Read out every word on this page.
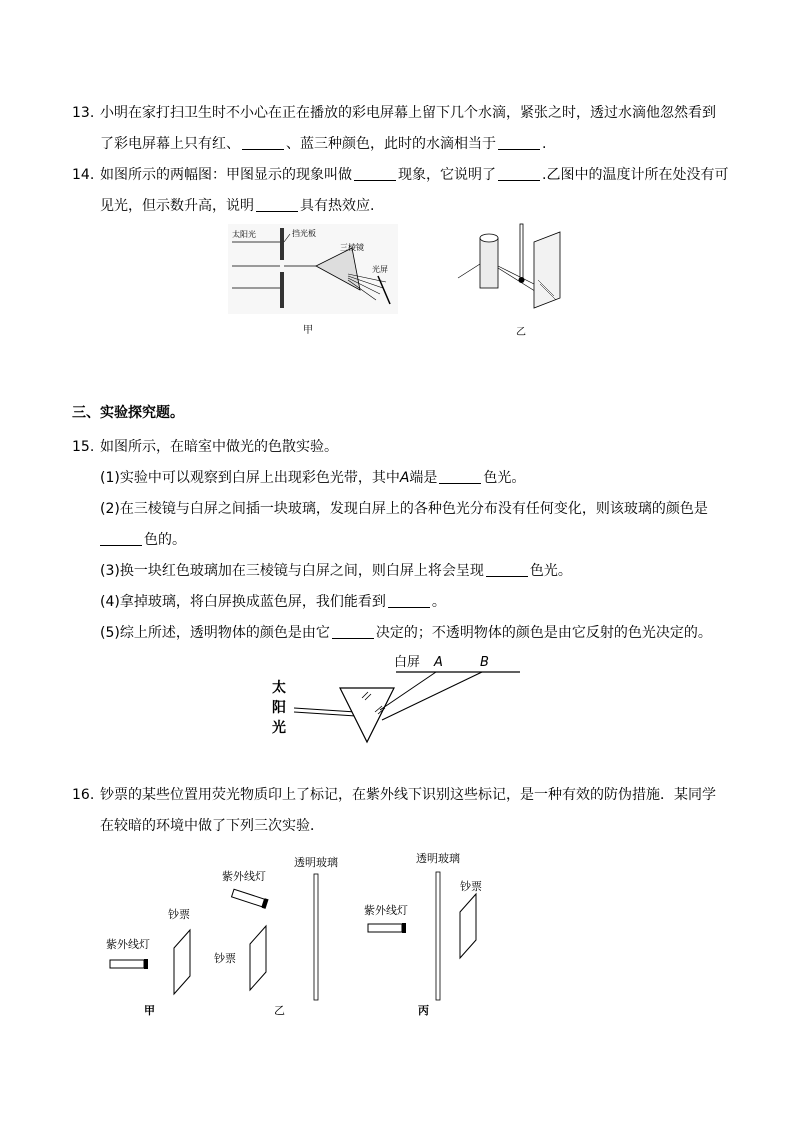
13. 小明在家打扫卫生时不小心在正在播放的彩电屏幕上留下几个水滴，紧张之时，透过水滴他忽然看到
了彩电屏幕上只有红、	、蓝三种颜色，此时的水滴相当于	.
14. 如图所示的两幅图：甲图显示的现象叫做	现象，它说明了	.乙图中的温度计所在处没有可
见光，但示数升高，说明	具有热效应.
太阳光	挡光板
三棱镜
光屏
甲	乙
三、实验探究题。
15. 如图所示，在暗室中做光的色散实验。
(1)实验中可以观察到白屏上出现彩色光带，其中A端是	色光。
(2)在三棱镜与白屏之间插一块玻璃，发现白屏上的各种色光分布没有任何变化，则该玻璃的颜色是
色的。
(3)换一块红色玻璃加在三棱镜与白屏之间，则白屏上将会呈现	色光。
(4)拿掉玻璃，将白屏换成蓝色屏，我们能看到	。
(5)综上所述，透明物体的颜色是由它	决定的；不透明物体的颜色是由它反射的色光决定的。
白屏 A	B
太
阳
光
16. 钞票的某些位置用荧光物质印上了标记，在紫外线下识别这些标记，是一种有效的防伪措施．某同学
在较暗的环境中做了下列三次实验．
钞票
紫外线灯
甲
紫外线灯
钞票
透明玻璃
乙
透明玻璃
紫外线灯
钞票
丙
